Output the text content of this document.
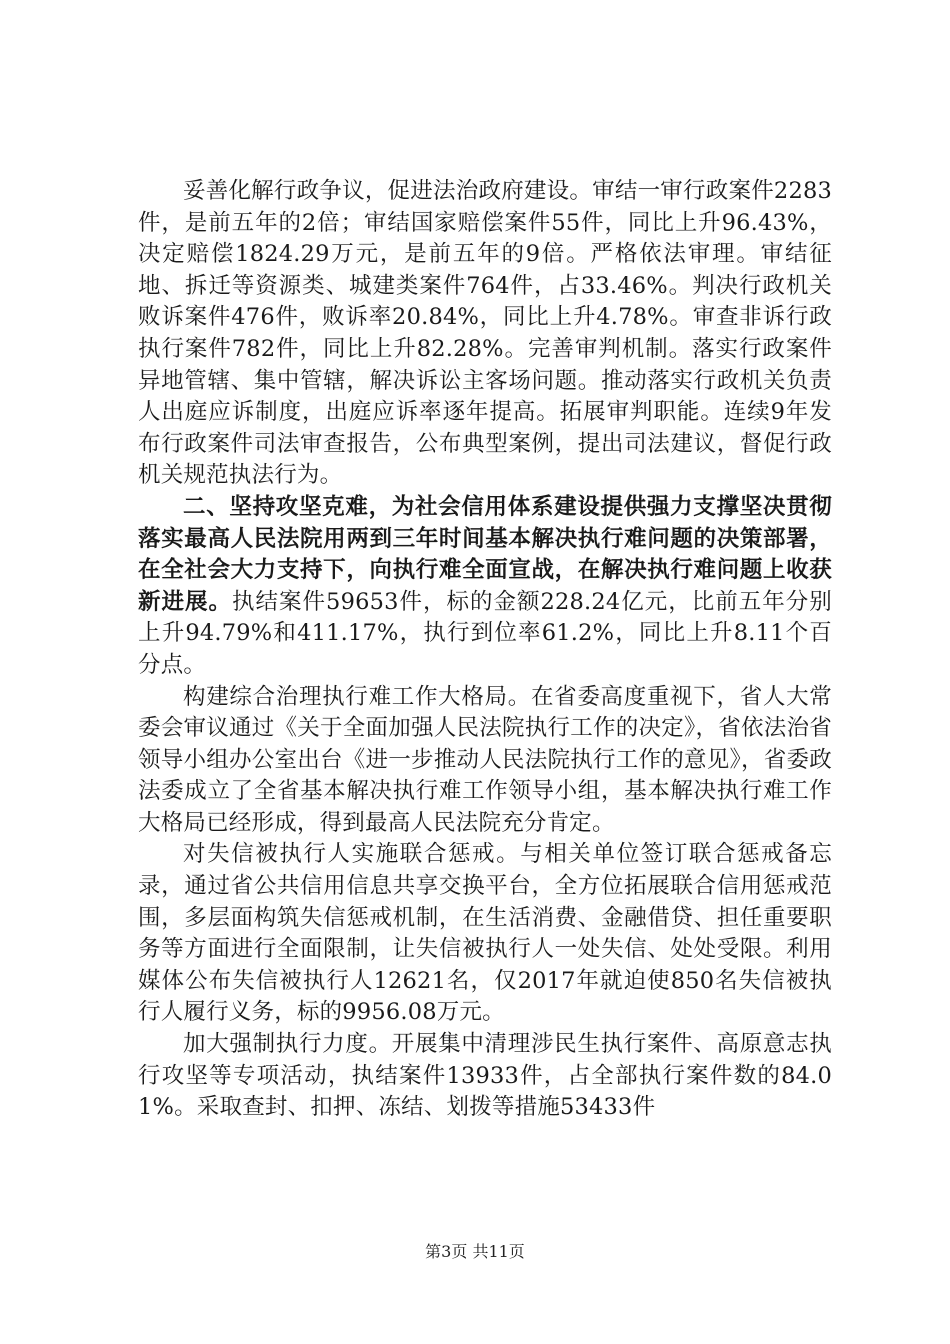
妥善化解行政争议，促进法治政府建设。审结一审行政案件2283件，是前五年的2倍；审结国家赔偿案件55件，同比上升96.43%，决定赔偿1824.29万元，是前五年的9倍。严格依法审理。审结征地、拆迁等资源类、城建类案件764件，占33.46%。判决行政机关败诉案件476件，败诉率20.84%，同比上升4.78%。审查非诉行政执行案件782件，同比上升82.28%。完善审判机制。落实行政案件异地管辖、集中管辖，解决诉讼主客场问题。推动落实行政机关负责人出庭应诉制度，出庭应诉率逐年提高。拓展审判职能。连续9年发布行政案件司法审查报告，公布典型案例，提出司法建议，督促行政机关规范执法行为。

二、坚持攻坚克难，为社会信用体系建设提供强力支撑坚决贯彻落实最高人民法院用两到三年时间基本解决执行难问题的决策部署，在全社会大力支持下，向执行难全面宣战，在解决执行难问题上收获新进展。执结案件59653件，标的金额228.24亿元，比前五年分别上升94.79%和411.17%，执行到位率61.2%，同比上升8.11个百分点。

构建综合治理执行难工作大格局。在省委高度重视下，省人大常委会审议通过《关于全面加强人民法院执行工作的决定》，省依法治省领导小组办公室出台《进一步推动人民法院执行工作的意见》，省委政法委成立了全省基本解决执行难工作领导小组，基本解决执行难工作大格局已经形成，得到最高人民法院充分肯定。

对失信被执行人实施联合惩戒。与相关单位签订联合惩戒备忘录，通过省公共信用信息共享交换平台，全方位拓展联合信用惩戒范围，多层面构筑失信惩戒机制，在生活消费、金融借贷、担任重要职务等方面进行全面限制，让失信被执行人一处失信、处处受限。利用媒体公布失信被执行人12621名，仅2017年就迫使850名失信被执行人履行义务，标的9956.08万元。

加大强制执行力度。开展集中清理涉民生执行案件、高原意志执行攻坚等专项活动，执结案件13933件，占全部执行案件数的84.01%。采取查封、扣押、冻结、划拨等措施53433件

第3页 共11页
